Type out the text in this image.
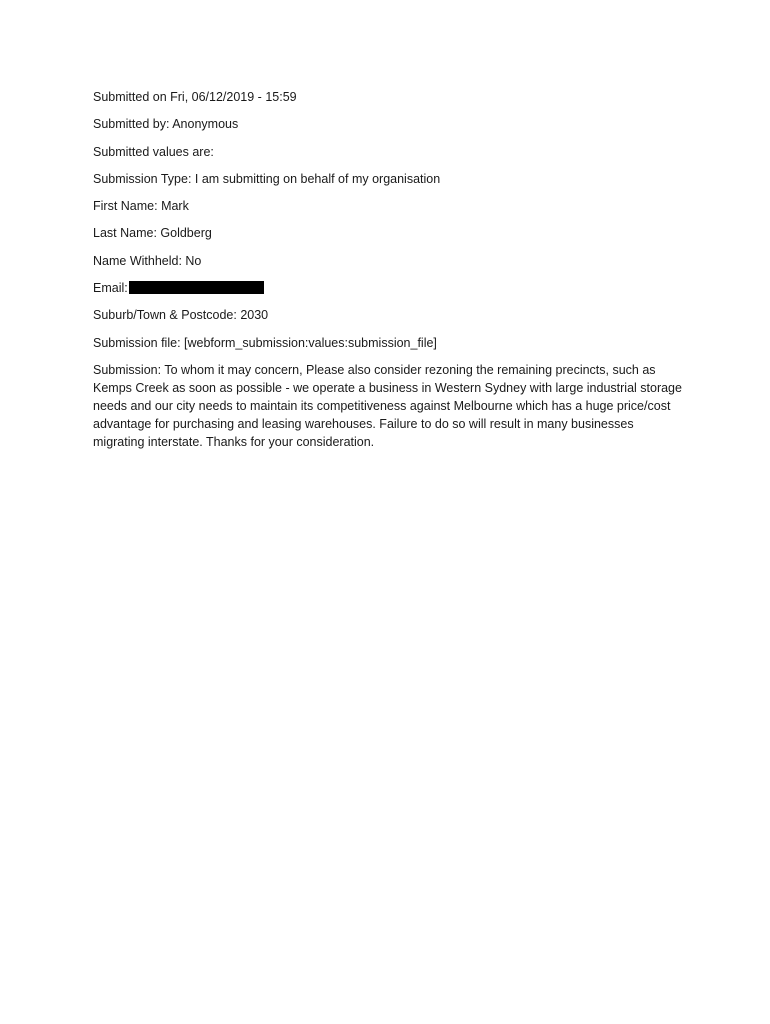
Submitted on Fri, 06/12/2019 - 15:59

Submitted by: Anonymous

Submitted values are:

Submission Type: I am submitting on behalf of my organisation

First Name: Mark

Last Name: Goldberg

Name Withheld: No

Email:

Suburb/Town & Postcode: 2030

Submission file: [webform_submission:values:submission_file]

Submission: To whom it may concern, Please also consider rezoning the remaining precincts, such as Kemps Creek as soon as possible - we operate a business in Western Sydney with large industrial storage needs and our city needs to maintain its competitiveness against Melbourne which has a huge price/cost advantage for purchasing and leasing warehouses. Failure to do so will result in many businesses migrating interstate. Thanks for your consideration.
